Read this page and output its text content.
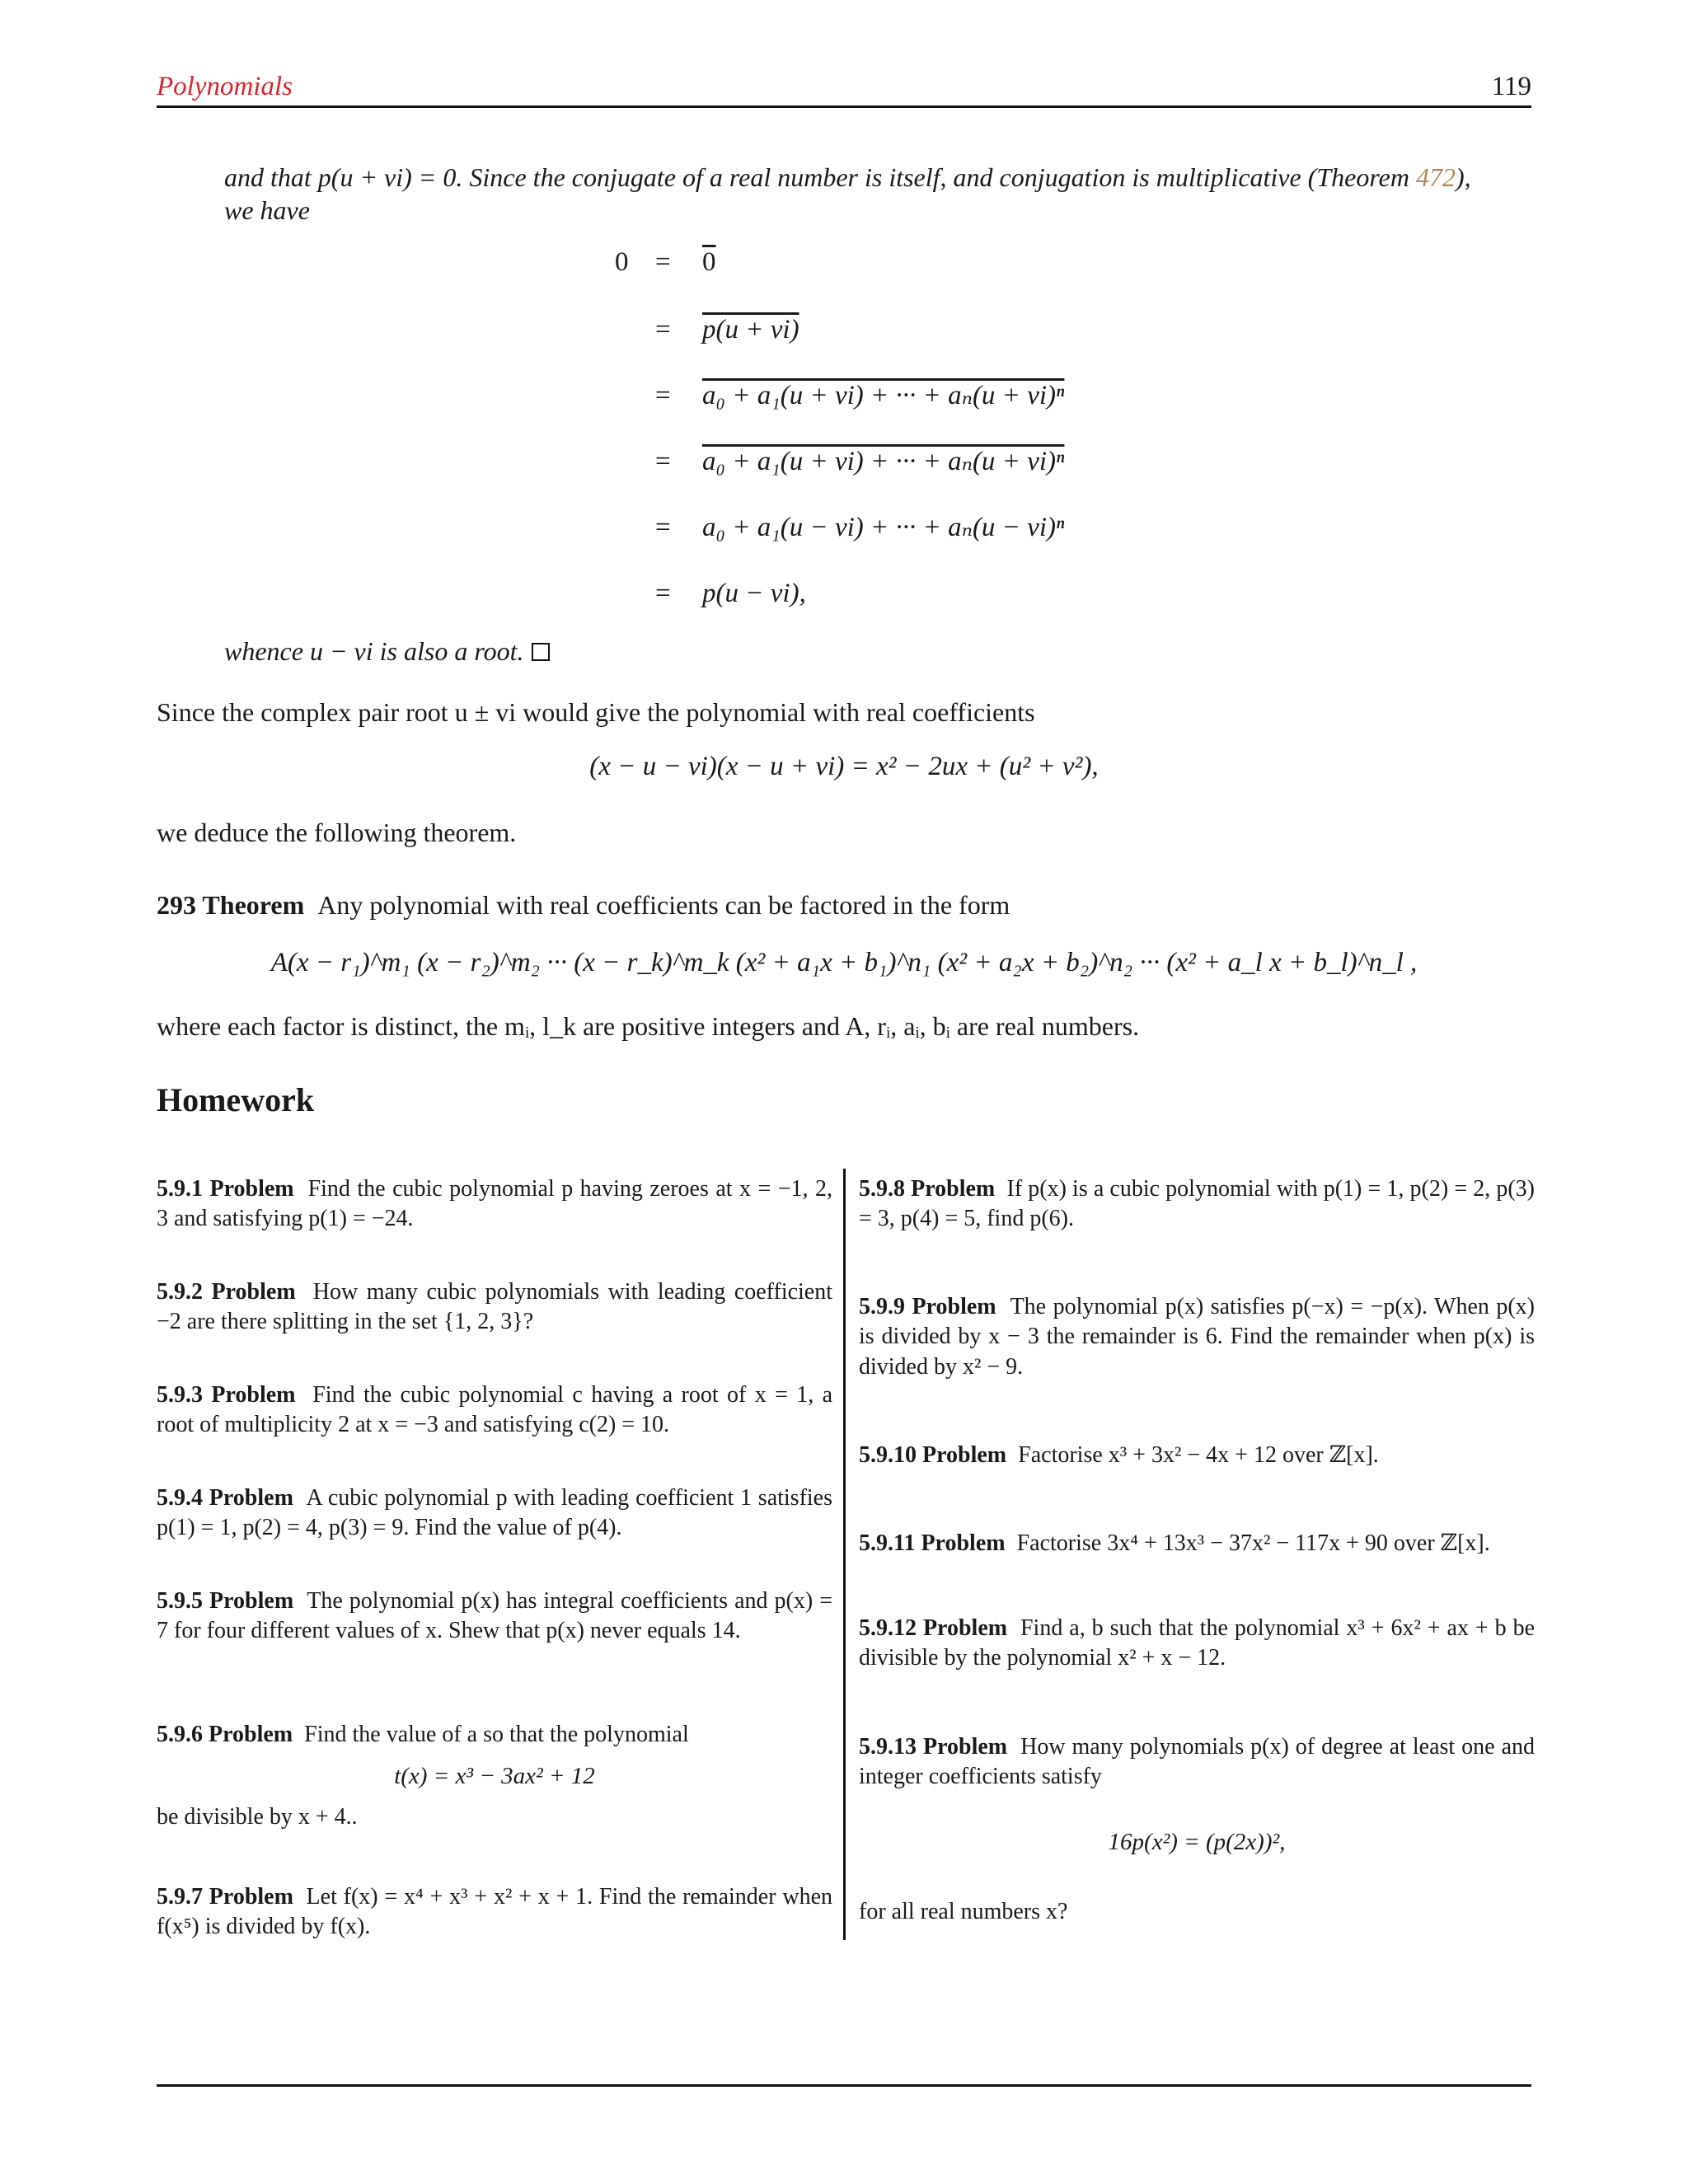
Polynomials	119
and that p(u + vi) = 0. Since the conjugate of a real number is itself, and conjugation is multiplicative (Theorem 472), we have
0 = 0
= p(u + vi)
= a₀ + a₁(u + vi) + ··· + aₙ(u + vi)ⁿ
= a₀ + a₁(u + vi) + ··· + aₙ(u + vi)ⁿ
= a₀ + a₁(u − vi) + ··· + aₙ(u − vi)ⁿ
= p(u − vi),
whence u − vi is also a root.
Since the complex pair root u ± vi would give the polynomial with real coefficients
(x − u − vi)(x − u + vi) = x² − 2ux + (u² + v²),
we deduce the following theorem.
293 Theorem Any polynomial with real coefficients can be factored in the form
A(x − r₁)^m₁ (x − r₂)^m₂ ··· (x − r_k)^m_k (x² + a₁x + b₁)^n₁ (x² + a₂x + b₂)^n₂ ··· (x² + a_l x + b_l)^n_l ,
where each factor is distinct, the mᵢ, l_k are positive integers and A, rᵢ, aᵢ, bᵢ are real numbers.
Homework
5.9.1 Problem Find the cubic polynomial p having zeroes at x = −1, 2, 3 and satisfying p(1) = −24.
5.9.2 Problem How many cubic polynomials with leading coefficient −2 are there splitting in the set {1, 2, 3}?
5.9.3 Problem Find the cubic polynomial c having a root of x = 1, a root of multiplicity 2 at x = −3 and satisfying c(2) = 10.
5.9.4 Problem A cubic polynomial p with leading coefficient 1 satisfies p(1) = 1, p(2) = 4, p(3) = 9. Find the value of p(4).
5.9.5 Problem The polynomial p(x) has integral coefficients and p(x) = 7 for four different values of x. Shew that p(x) never equals 14.
5.9.6 Problem Find the value of a so that the polynomial
t(x) = x³ − 3ax² + 12
be divisible by x + 4..
5.9.7 Problem Let f(x) = x⁴ + x³ + x² + x + 1. Find the remainder when f(x⁵) is divided by f(x).
5.9.8 Problem If p(x) is a cubic polynomial with p(1) = 1, p(2) = 2, p(3) = 3, p(4) = 5, find p(6).
5.9.9 Problem The polynomial p(x) satisfies p(−x) = −p(x). When p(x) is divided by x − 3 the remainder is 6. Find the remainder when p(x) is divided by x² − 9.
5.9.10 Problem Factorise x³ + 3x² − 4x + 12 over ℤ[x].
5.9.11 Problem Factorise 3x⁴ + 13x³ − 37x² − 117x + 90 over ℤ[x].
5.9.12 Problem Find a, b such that the polynomial x³ + 6x² + ax + b be divisible by the polynomial x² + x − 12.
5.9.13 Problem How many polynomials p(x) of degree at least one and integer coefficients satisfy
16p(x²) = (p(2x))²,
for all real numbers x?
